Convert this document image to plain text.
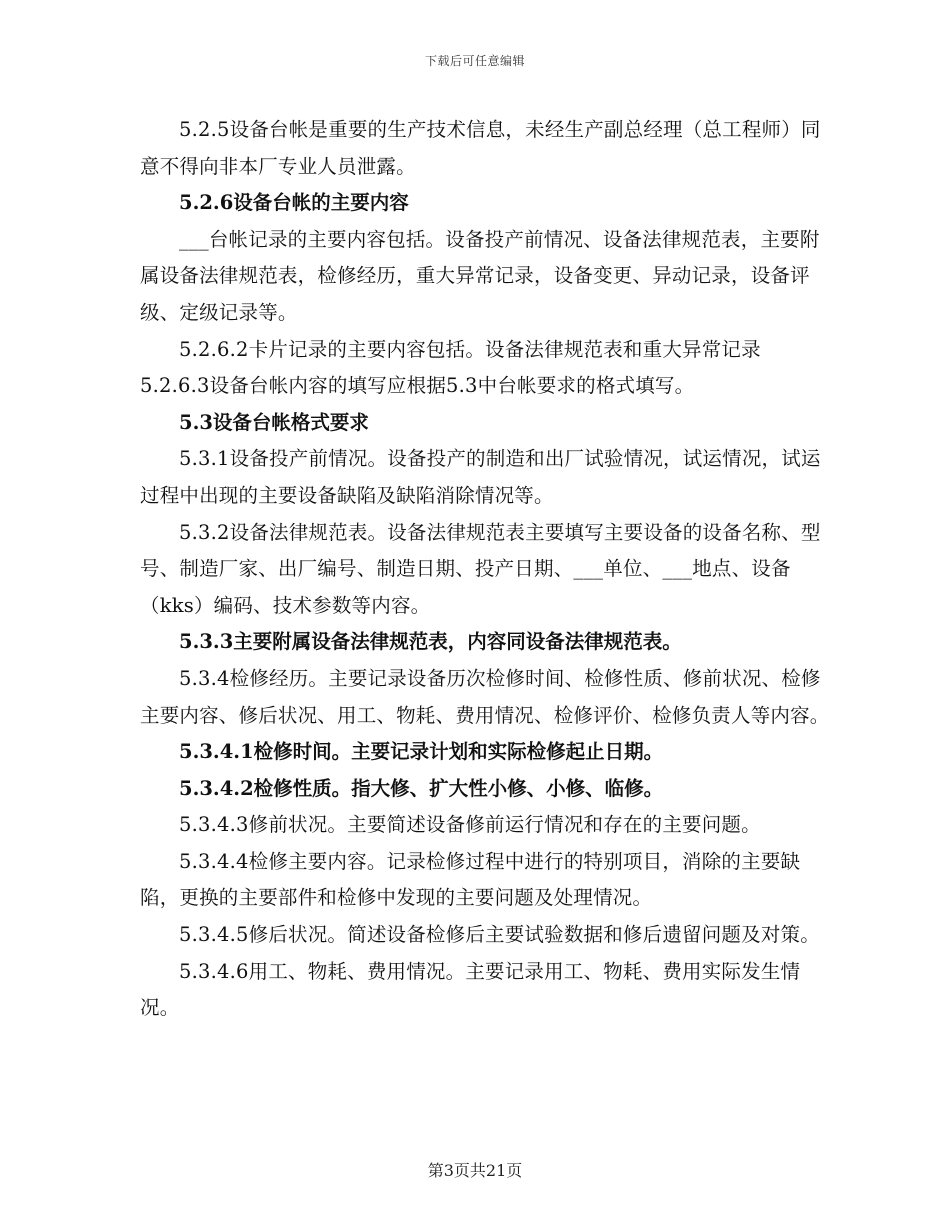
下载后可任意编辑

5.2.5设备台帐是重要的生产技术信息，未经生产副总经理（总工程师）同意不得向非本厂专业人员泄露。

5.2.6设备台帐的主要内容

___台帐记录的主要内容包括。设备投产前情况、设备法律规范表，主要附属设备法律规范表，检修经历，重大异常记录，设备变更、异动记录，设备评级、定级记录等。

5.2.6.2卡片记录的主要内容包括。设备法律规范表和重大异常记录5.2.6.3设备台帐内容的填写应根据5.3中台帐要求的格式填写。

5.3设备台帐格式要求

5.3.1设备投产前情况。设备投产的制造和出厂试验情况，试运情况，试运过程中出现的主要设备缺陷及缺陷消除情况等。

5.3.2设备法律规范表。设备法律规范表主要填写主要设备的设备名称、型号、制造厂家、出厂编号、制造日期、投产日期、___单位、___地点、设备（kks）编码、技术参数等内容。

5.3.3主要附属设备法律规范表，内容同设备法律规范表。

5.3.4检修经历。主要记录设备历次检修时间、检修性质、修前状况、检修主要内容、修后状况、用工、物耗、费用情况、检修评价、检修负责人等内容。

5.3.4.1检修时间。主要记录计划和实际检修起止日期。

5.3.4.2检修性质。指大修、扩大性小修、小修、临修。

5.3.4.3修前状况。主要简述设备修前运行情况和存在的主要问题。

5.3.4.4检修主要内容。记录检修过程中进行的特别项目，消除的主要缺陷，更换的主要部件和检修中发现的主要问题及处理情况。

5.3.4.5修后状况。简述设备检修后主要试验数据和修后遗留问题及对策。

5.3.4.6用工、物耗、费用情况。主要记录用工、物耗、费用实际发生情况。

第3页共21页
